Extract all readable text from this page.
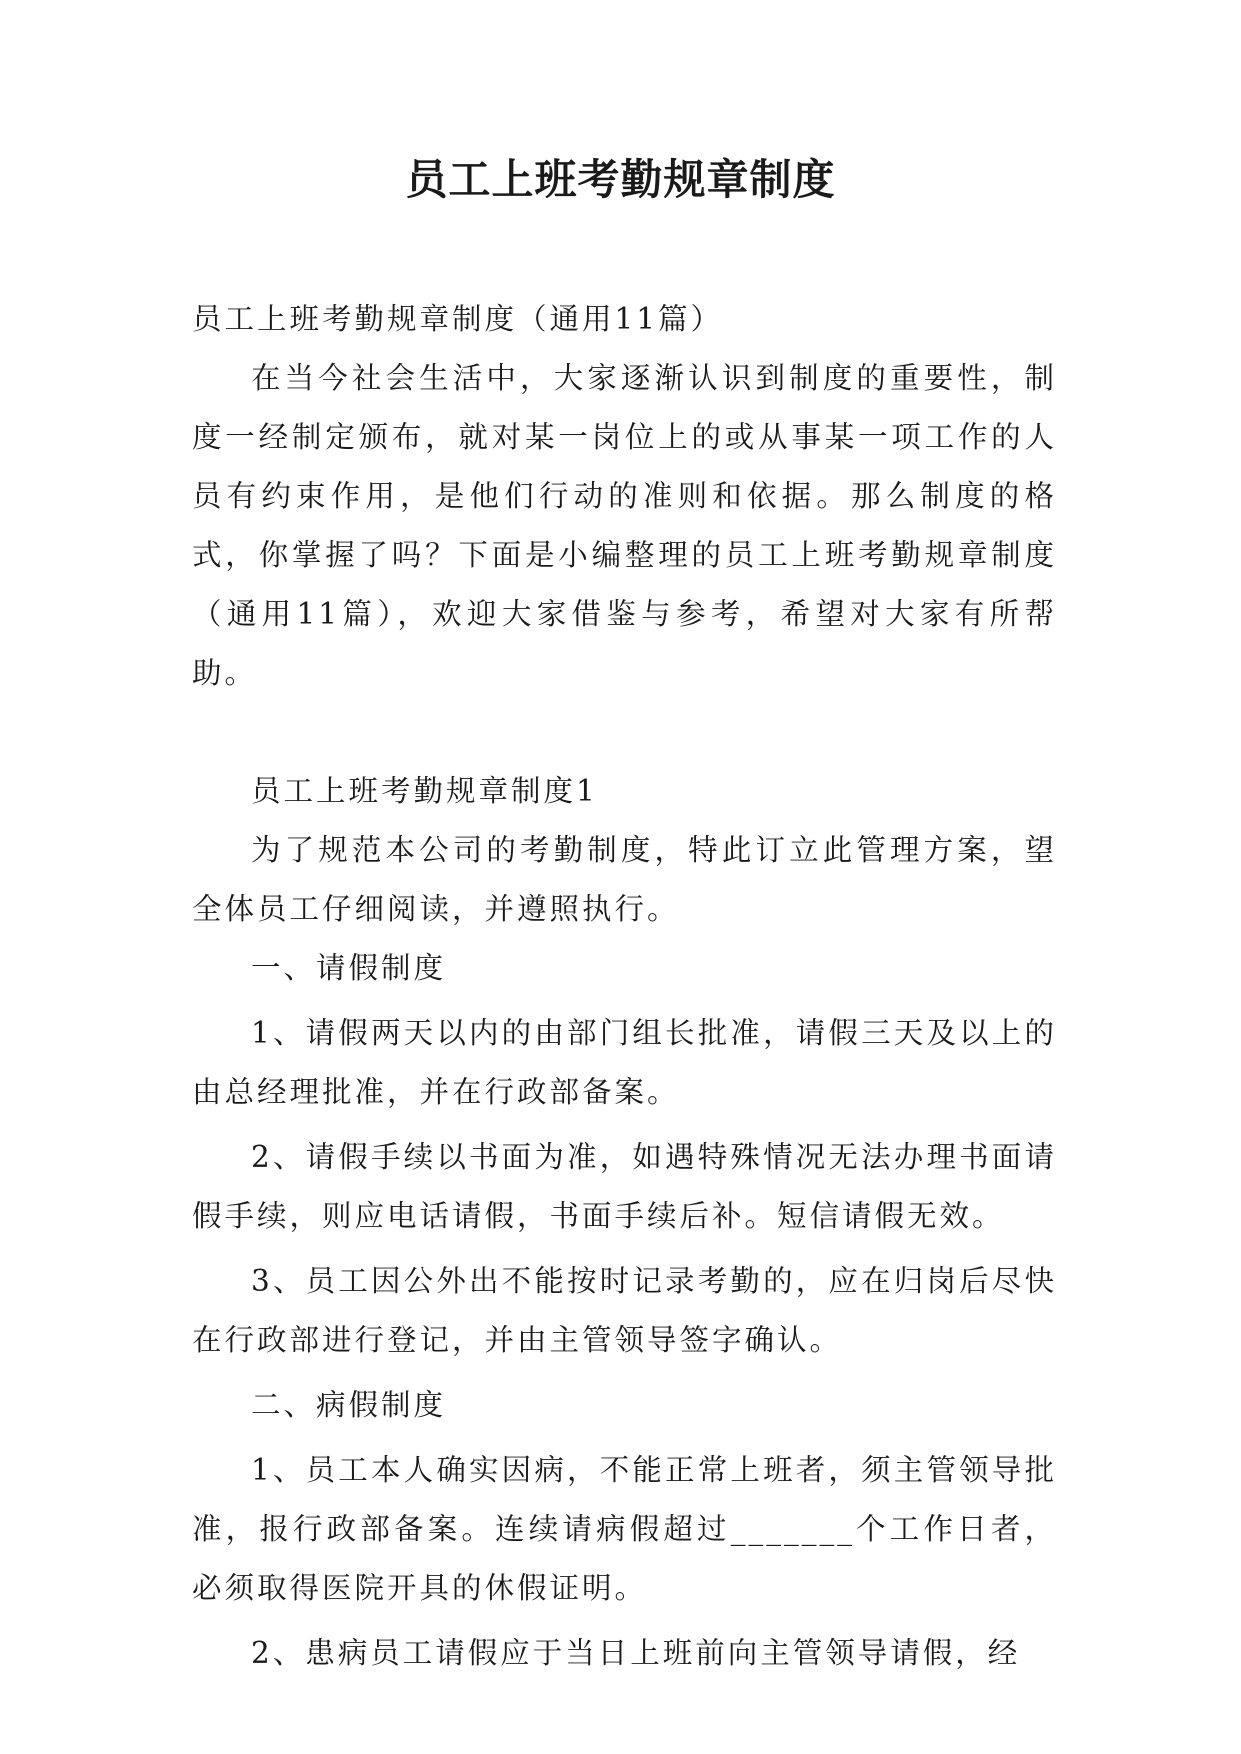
员工上班考勤规章制度

员工上班考勤规章制度（通用11篇）

在当今社会生活中，大家逐渐认识到制度的重要性，制度一经制定颁布，就对某一岗位上的或从事某一项工作的人员有约束作用，是他们行动的准则和依据。那么制度的格式，你掌握了吗？下面是小编整理的员工上班考勤规章制度（通用11篇），欢迎大家借鉴与参考，希望对大家有所帮助。

员工上班考勤规章制度1

为了规范本公司的考勤制度，特此订立此管理方案，望全体员工仔细阅读，并遵照执行。

一、请假制度

1、请假两天以内的由部门组长批准，请假三天及以上的由总经理批准，并在行政部备案。

2、请假手续以书面为准，如遇特殊情况无法办理书面请假手续，则应电话请假，书面手续后补。短信请假无效。

3、员工因公外出不能按时记录考勤的，应在归岗后尽快在行政部进行登记，并由主管领导签字确认。

二、病假制度

1、员工本人确实因病，不能正常上班者，须主管领导批准，报行政部备案。连续请病假超过_______个工作日者，必须取得医院开具的休假证明。

2、患病员工请假应于当日上班前向主管领导请假，经
